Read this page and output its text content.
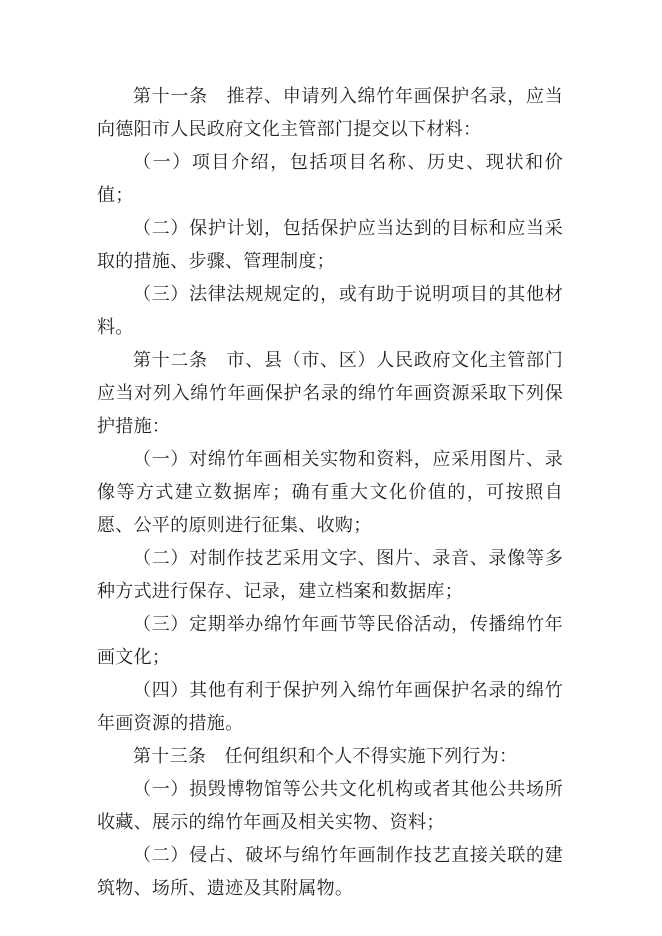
第十一条　推荐、申请列入绵竹年画保护名录，应当向德阳市人民政府文化主管部门提交以下材料：

（一）项目介绍，包括项目名称、历史、现状和价值；

（二）保护计划，包括保护应当达到的目标和应当采取的措施、步骤、管理制度；

（三）法律法规规定的，或有助于说明项目的其他材料。

第十二条　市、县（市、区）人民政府文化主管部门应当对列入绵竹年画保护名录的绵竹年画资源采取下列保护措施：

（一）对绵竹年画相关实物和资料，应采用图片、录像等方式建立数据库；确有重大文化价值的，可按照自愿、公平的原则进行征集、收购；

（二）对制作技艺采用文字、图片、录音、录像等多种方式进行保存、记录，建立档案和数据库；

（三）定期举办绵竹年画节等民俗活动，传播绵竹年画文化；

（四）其他有利于保护列入绵竹年画保护名录的绵竹年画资源的措施。

第十三条　任何组织和个人不得实施下列行为：

（一）损毁博物馆等公共文化机构或者其他公共场所收藏、展示的绵竹年画及相关实物、资料；

（二）侵占、破坏与绵竹年画制作技艺直接关联的建筑物、场所、遗迹及其附属物。
